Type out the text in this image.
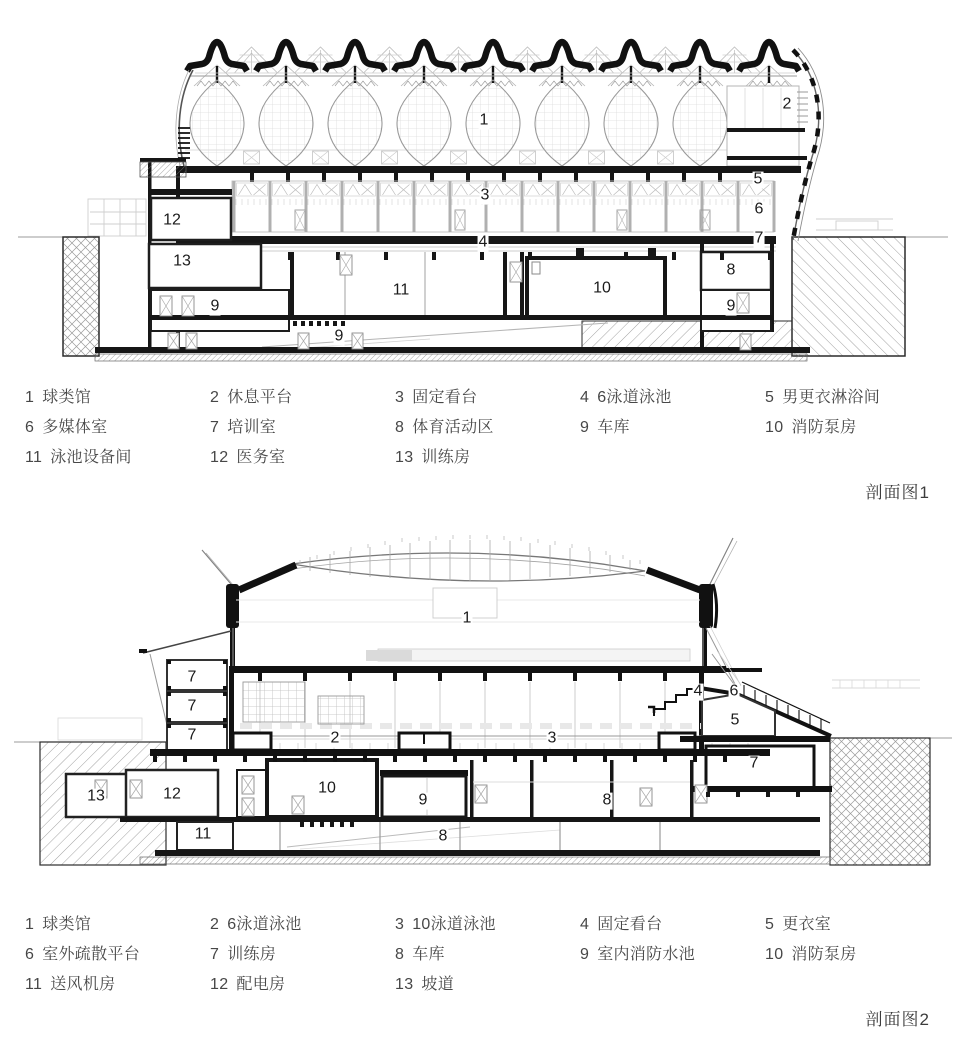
1 球类馆	2 休息平台	3 固定看台	4 6泳道泳池	5 男更衣淋浴间
6 多媒体室	7 培训室	8 体育活动区	9 车库	10 消防泵房
11 泳池设备间	12 医务室	13 训练房
剖面图1
1 球类馆	2 6泳道泳池	3 10泳道泳池	4 固定看台	5 更衣室
6 室外疏散平台	7 训练房	8 车库	9 室内消防水池	10 消防泵房
11 送风机房	12 配电房	13 坡道
剖面图2
1
2
3
4
5
6
7
8
9	9
9
10
11
12
13
1
2	3
4
5
6
7
7
7
7
8
8
9
10
11
12
13
